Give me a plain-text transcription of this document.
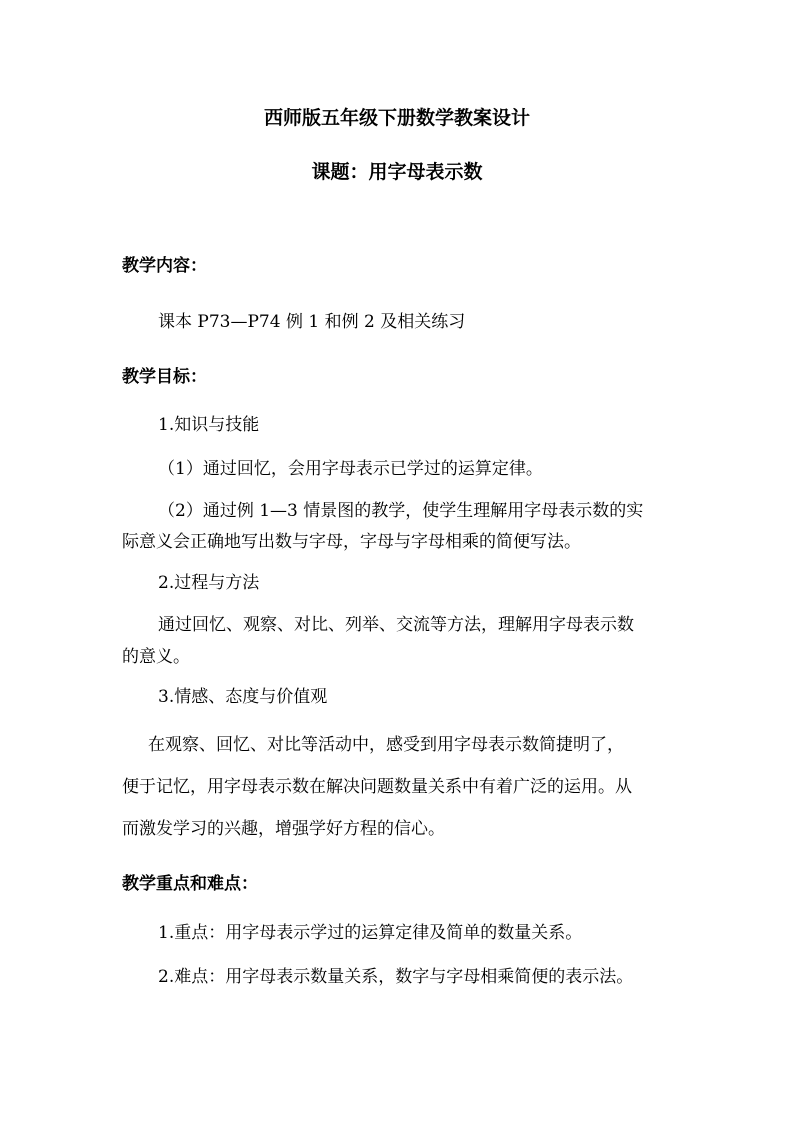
西师版五年级下册数学教案设计
课题：用字母表示数
教学内容：
课本 P73—P74 例 1 和例 2 及相关练习
教学目标：
1.知识与技能
（1）通过回忆，会用字母表示已学过的运算定律。
（2）通过例 1—3 情景图的教学，使学生理解用字母表示数的实
际意义会正确地写出数与字母，字母与字母相乘的简便写法。
2.过程与方法
通过回忆、观察、对比、列举、交流等方法，理解用字母表示数
的意义。
3.情感、态度与价值观
在观察、回忆、对比等活动中，感受到用字母表示数简捷明了，
便于记忆，用字母表示数在解决问题数量关系中有着广泛的运用。从
而激发学习的兴趣，增强学好方程的信心。
教学重点和难点：
1.重点：用字母表示学过的运算定律及简单的数量关系。
2.难点：用字母表示数量关系，数字与字母相乘简便的表示法。
